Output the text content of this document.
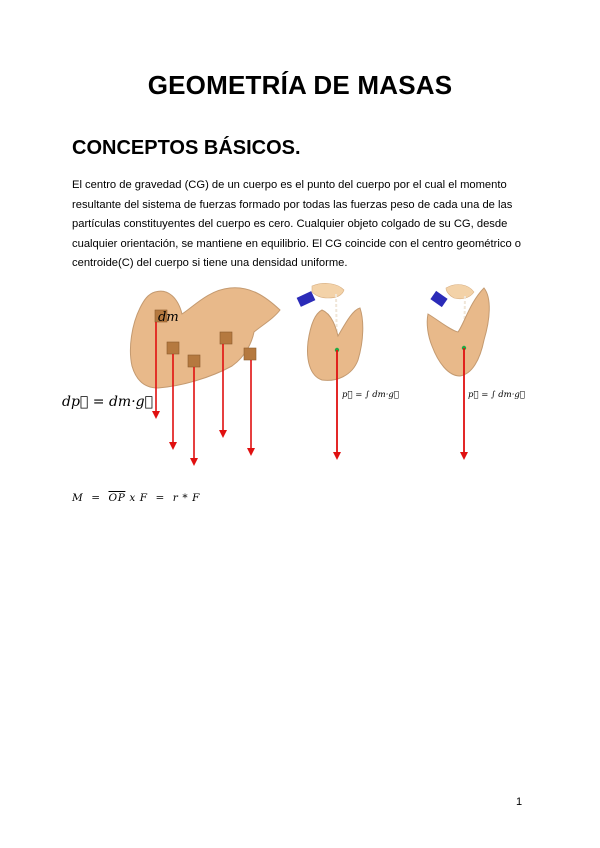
GEOMETRÍA DE MASAS
CONCEPTOS BÁSICOS.
El centro de gravedad (CG) de un cuerpo es el punto del cuerpo por el cual el momento
resultante del sistema de fuerzas formado por todas las fuerzas peso de cada una de las
partículas constituyentes del cuerpo es cero. Cualquier objeto colgado de su CG, desde
cualquier orientación, se mantiene en equilibrio. El CG coincide con el centro geométrico o
centroide(C) del cuerpo si tiene una densidad uniforme.
dm
dp⃗ = dm·g⃗	p⃗ = ∫ dm·g⃗	p⃗ = ∫ dm·g⃗
$M = \overline{OP}$ x F  =  r * F
1
